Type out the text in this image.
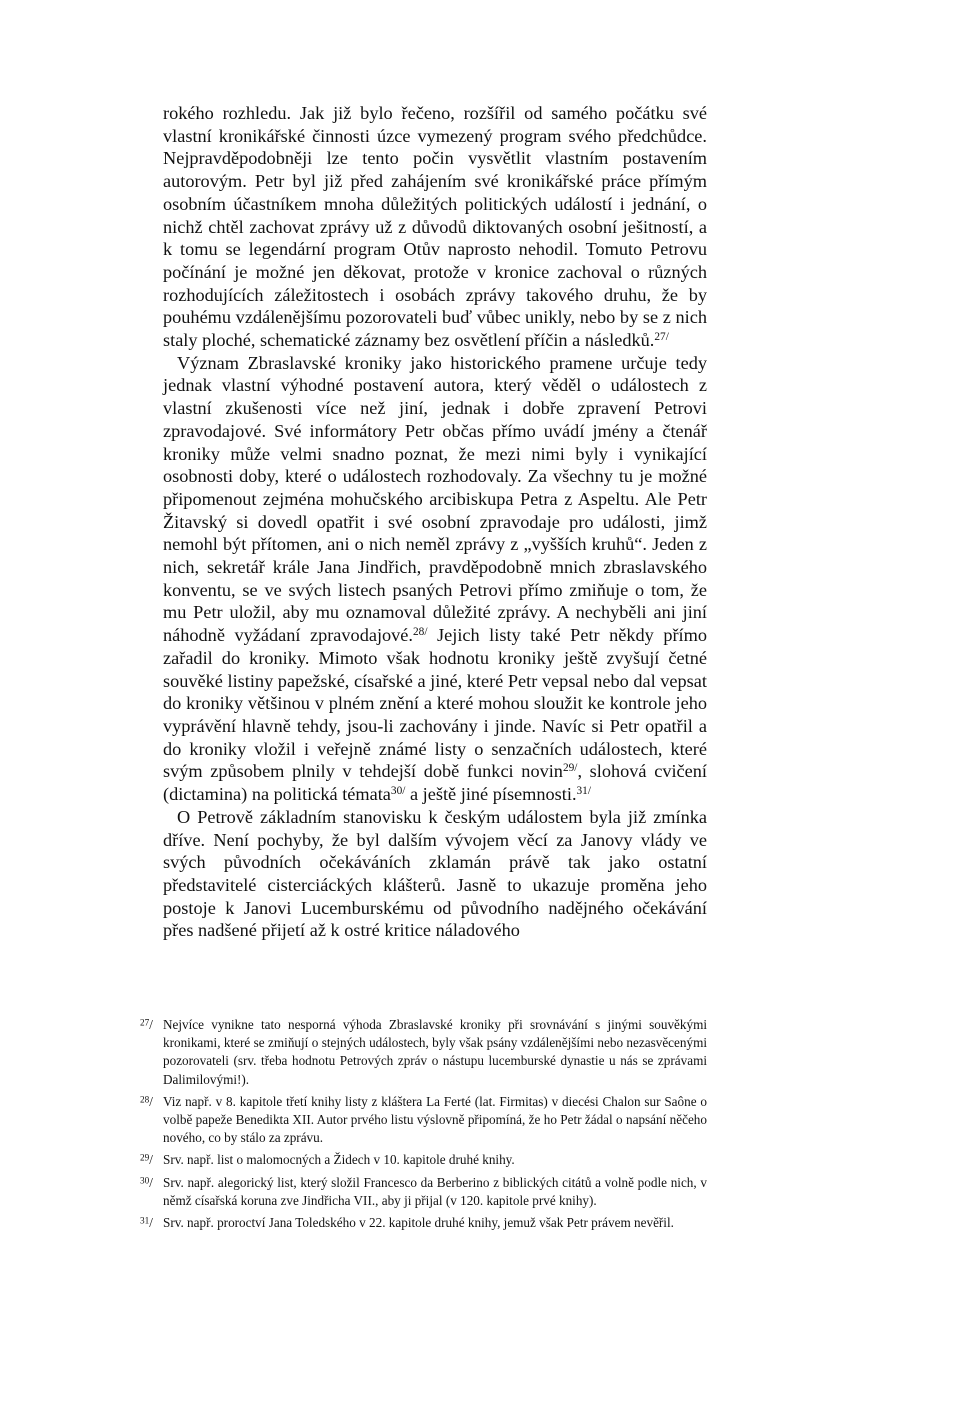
rokého rozhledu. Jak již bylo řečeno, rozšířil od samého počátku své vlastní kronikářské činnosti úzce vymezený program svého předchůdce. Nejpravděpodobněji lze tento počin vysvětlit vlastním postavením autorovým. Petr byl již před zahájením své kronikářské práce přímým osobním účastníkem mnoha důležitých politických událostí i jednání, o nichž chtěl zachovat zprávy už z důvodů diktovaných osobní ješitností, a k tomu se legendární program Otův naprosto nehodil. Tomuto Petrovu počínání je možné jen děkovat, protože v kronice zachoval o různých rozhodujících záležitostech i osobách zprávy takového druhu, že by pouhému vzdálenějšímu pozorovateli buď vůbec unikly, nebo by se z nich staly ploché, schematické záznamy bez osvětlení příčin a následků.$^{27/}$

Význam Zbraslavské kroniky jako historického pramene určuje tedy jednak vlastní výhodné postavení autora, který věděl o událostech z vlastní zkušenosti více než jiní, jednak i dobře zpravení Petrovi zpravodajové. Své informátory Petr občas přímo uvádí jmény a čtenář kroniky může velmi snadno poznat, že mezi nimi byly i vynikající osobnosti doby, které o událostech rozhodovaly. Za všechny tu je možné připomenout zejména mohučského arcibiskupa Petra z Aspeltu. Ale Petr Žitavský si dovedl opatřit i své osobní zpravodaje pro události, jimž nemohl být přítomen, ani o nich neměl zprávy z „vyšších kruhů“. Jeden z nich, sekretář krále Jana Jindřich, pravděpodobně mnich zbraslavského konventu, se ve svých listech psaných Petrovi přímo zmiňuje o tom, že mu Petr uložil, aby mu oznamoval důležité zprávy. A nechyběli ani jiní náhodně vyžádaní zpravodajové.$^{28/}$ Jejich listy také Petr někdy přímo zařadil do kroniky. Mimoto však hodnotu kroniky ještě zvyšují četné souvěké listiny papežské, císařské a jiné, které Petr vepsal nebo dal vepsat do kroniky většinou v plném znění a které mohou sloužit ke kontrole jeho vyprávění hlavně tehdy, jsou-li zachovány i jinde. Navíc si Petr opatřil a do kroniky vložil i veřejně známé listy o senzačních událostech, které svým způsobem plnily v tehdejší době funkci novin$^{29/}$, slohová cvičení (dictamina) na politická témata$^{30/}$ a ještě jiné písemnosti.$^{31/}$

O Petrově základním stanovisku k českým událostem byla již zmínka dříve. Není pochyby, že byl dalším vývojem věcí za Janovy vlády ve svých původních očekáváních zklamán právě tak jako ostatní představitelé cisterciáckých klášterů. Jasně to ukazuje proměna jeho postoje k Janovi Lucemburskému od původního nadějného očekávání přes nadšené přijetí až k ostré kritice náladového

$^{27}$/ Nejvíce vynikne tato nesporná výhoda Zbraslavské kroniky při srovnávání s jinými souvěkými kronikami, které se zmiňují o stejných událostech, byly však psány vzdálenějšími nebo nezasvěcenými pozorovateli (srv. třeba hodnotu Petrových zpráv o nástupu lucemburské dynastie u nás se zprávami Dalimilovými!).
$^{28}$/ Viz např. v 8. kapitole třetí knihy listy z kláštera La Ferté (lat. Firmitas) v diecési Chalon sur Saône o volbě papeže Benedikta XII. Autor prvého listu výslovně připomíná, že ho Petr žádal o napsání něčeho nového, co by stálo za zprávu.
$^{29}$/ Srv. např. list o malomocných a Židech v 10. kapitole druhé knihy.
$^{30}$/ Srv. např. alegorický list, který složil Francesco da Berberino z biblických citátů a volně podle nich, v němž císařská koruna zve Jindřicha VII., aby ji přijal (v 120. kapitole prvé knihy).
$^{31}$/ Srv. např. proroctví Jana Toledského v 22. kapitole druhé knihy, jemuž však Petr právem nevěřil.
